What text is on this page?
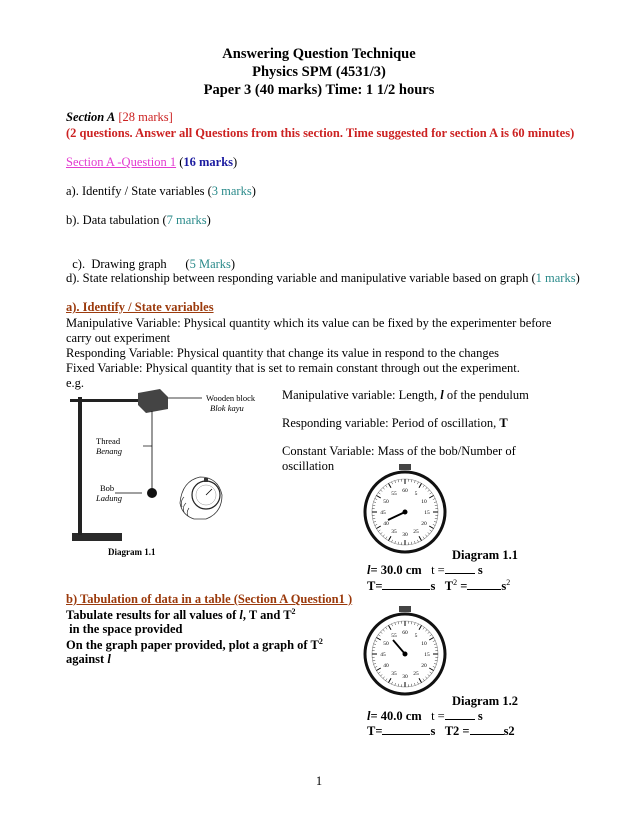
Answering Question Technique
Physics SPM (4531/3)
Paper 3 (40 marks) Time: 1 1/2 hours
Section A [28 marks]
(2 questions. Answer all Questions from this section. Time suggested for section A is 60 minutes)
Section A -Question 1 (16 marks)
a). Identify / State variables (3 marks)
b). Data tabulation (7 marks)

c).  Drawing graph      (5 Marks)

d). State relationship between responding variable and manipulative variable based on graph (1 marks)
a). Identify / State variables
Manipulative Variable: Physical quantity which its value can be fixed by the experimenter before
carry out experiment
Responding Variable: Physical quantity that change its value in respond to the changes
Fixed Variable: Physical quantity that is set to remain constant through out the experiment.
e.g.
Manipulative variable: Length, l of the pendulum
Responding variable: Period of oscillation, T
Constant Variable: Mass of the bob/Number of
oscillation
Wooden block
Blok kayu
Thread
Benang
Bob
Ladung
Diagram 1.1
60 5
10
15
20
25
30
35
40
45
50
55
Diagram 1.1
l= 30.0 cm t =	s
T=	s $T^2$ =	$s^2$
b) Tabulation of data in a table (Section A Question1 )
Tabulate results for all values of l, T and $T^2$
in the space provided
On the graph paper provided, plot a graph of $T^2$
against l
60 5
10
15
20
25
30
35
40
45
50
55
Diagram 1.2
l= 40.0 cm t =	s
T=	s T2 =	s2
1
